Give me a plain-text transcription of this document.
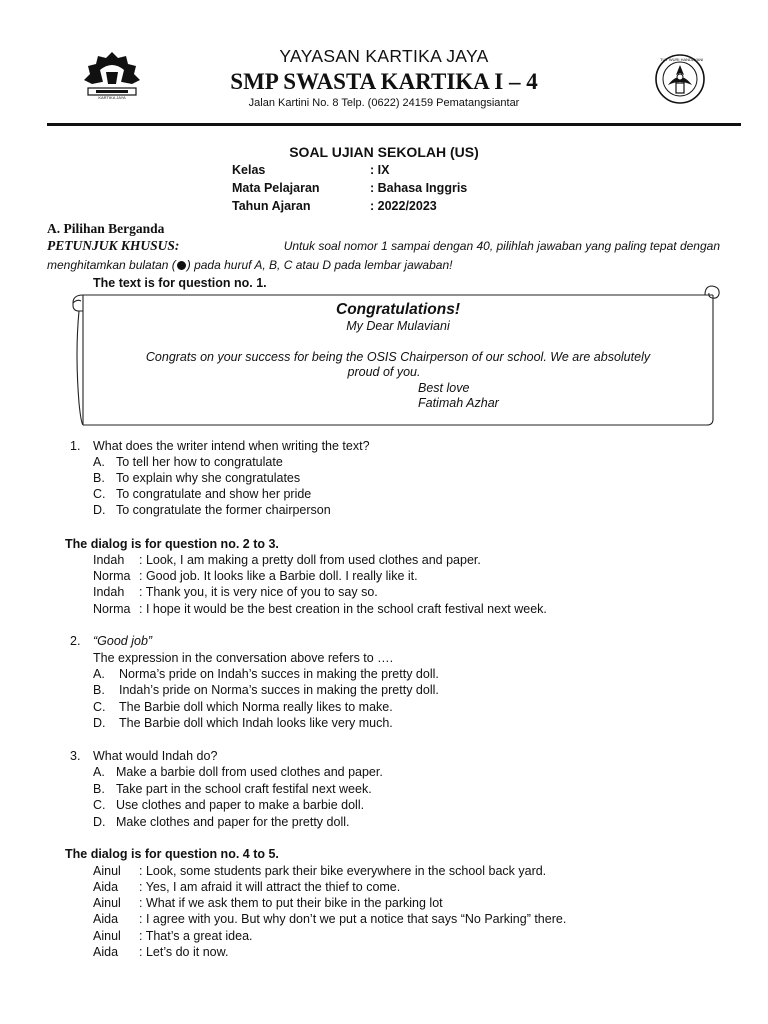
KARTIKA JAYA
YAYASAN KARTIKA JAYA
SMP SWASTA KARTIKA I – 4
Jalan Kartini No. 8 Telp. (0622) 24159 Pematangsiantar
TUT WURI HANDAYANI
SOAL UJIAN SEKOLAH (US)
Kelas	: IX
Mata Pelajaran	: Bahasa Inggris
Tahun Ajaran	: 2022/2023
A. Pilihan Berganda
PETUNJUK KHUSUS:	Untuk soal nomor 1 sampai dengan 40, pilihlah jawaban yang paling tepat dengan
menghitamkan bulatan ( ) pada huruf A, B, C atau D pada lembar jawaban!
The text is for question no. 1.
Congratulations!
My Dear Mulaviani
Congrats on your success for being the OSIS Chairperson of our school. We are absolutely
proud of you.
Best love
Fatimah Azhar
1. What does the writer intend when writing the text?
A. To tell her how to congratulate
B. To explain why she congratulates
C. To congratulate and show her pride
D. To congratulate the former chairperson
The dialog is for question no. 2 to 3.
Indah : Look, I am making a pretty doll from used clothes and paper.
Norma : Good job. It looks like a Barbie doll. I really like it.
Indah : Thank you, it is very nice of you to say so.
Norma : I hope it would be the best creation in the school craft festival next week.
2. “Good job”
The expression in the conversation above refers to ….
A. Norma’s pride on Indah’s succes in making the pretty doll.
B. Indah’s pride on Norma’s succes in making the pretty doll.
C. The Barbie doll which Norma really likes to make.
D. The Barbie doll which Indah looks like very much.
3. What would Indah do?
A. Make a barbie doll from used clothes and paper.
B. Take part in the school craft festifal next week.
C. Use clothes and paper to make a barbie doll.
D. Make clothes and paper for the pretty doll.
The dialog is for question no. 4 to 5.
Ainul : Look, some students park their bike everywhere in the school back yard.
Aida : Yes, I am afraid it will attract the thief to come.
Ainul : What if we ask them to put their bike in the parking lot
Aida : I agree with you. But why don’t we put a notice that says “No Parking” there.
Ainul : That’s a great idea.
Aida : Let’s do it now.
